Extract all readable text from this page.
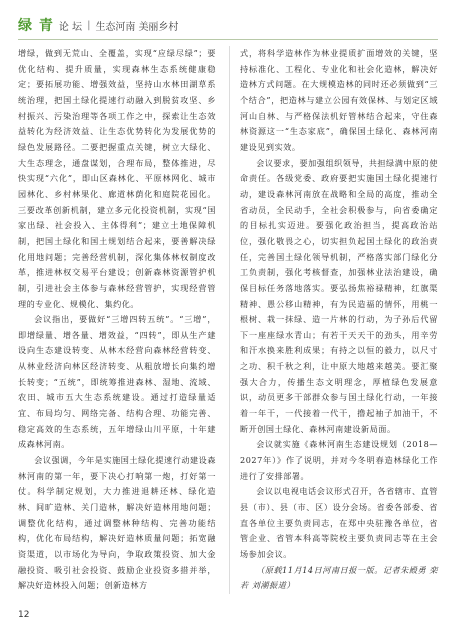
绿 青 论 坛 | 生态河南 美丽乡村

增绿，做到无荒山、全覆盖，实现“应绿尽绿”；要优化结构、提升质量，实现森林生态系统健康稳定；要拓展功能、增强效益，坚持山水林田湖草系统治理，把国土绿化提速行动融入到脱贫攻坚、乡村振兴、污染治理等各项工作之中，探索让生态效益转化为经济效益、让生态优势转化为发展优势的绿色发展路径。二要把握重点关键，树立大绿化、大生态理念，通盘谋划，合理布局，整体推进，尽快实现“六化”，即山区森林化、平原林网化、城市园林化、乡村林果化、廊道林荫化和庭院花园化。三要改革创新机制，建立多元化投资机制，实现“国家出绿、社会投入、主体得利”；建立土地保障机制，把国土绿化和国土规划结合起来，要善解决绿化用地问题；完善经营机制，深化集体林权制度改革，推进林权交易平台建设；创新森林资源管护机制，引进社会主体参与森林经营管护，实现经营管理的专业化、规模化、集约化。

会议指出，要做好“三增四转五统”。“三增”，即增绿量、增各量、增效益，“四转”，即从生产建设向生态建设转变、从林木经营向森林经营转变、从林业经济向林区经济转变、从粗放增长向集约增长转变；“五统”，即统筹推进森林、湿地、流域、农田、城市五大生态系统建设。通过打造绿量适宜、布局均匀、网络完备、结构合理、功能完善、稳定高效的生态系统，五年增绿山川平原，十年建成森林河南。

会议强调，今年是实施国土绿化提速行动建设森林河南的第一年，要下决心打响第一炮，打好第一仗。科学制定规划，大力推进退耕还林、绿化造林、间旷造林、关门造林，解决好造林用地问题；调整优化结构，通过调整林种结构、完善功能结构，优化布局结构，解决好造林质量问题；拓宽融资渠道，以市场化为导向，争取政策投资、加大金融投资、吸引社会投资、鼓励企业投资多措并举，解决好造林投入问题；创新造林方

式，将科学造林作为林业提质扩面增效的关键，坚持标准化、工程化、专业化和社会化造林，解决好造林方式问题。在大规模造林的同时还必须做到“三个结合”，把造林与建立公园有效保林、与划定区域河山自林、与严格保法机好管林结合起来，守住森林资源这一“生态家底”，确保国土绿化、森林河南建设见到实效。

会议要求，要加强组织领导，共担绿满中原的使命责任。各级党委、政府要把实施国土绿化提速行动，建设森林河南放在战略和全局的高度，推动全省动员，全民动手，全社会积极参与，向省委确定的目标扎实迈进。要强化政治担当，提高政治站位，强化敬畏之心，切实担负起国土绿化的政治责任，完善国土绿化领导机制，严格落实部门绿化分工负责制，强化考核督查，加强林业法治建设，确保目标任务落地落实。要弘扬焦裕禄精神，红旗渠精神、愚公移山精神，有为民造福的情怀，用桃一根树、栽一抹绿、造一片林的行动，为子孙后代留下一座座绿水青山；有若干天天干的劲头，用辛劳和汗水换来胜利成果；有持之以恒的毅力，以尺寸之功、积千秋之利，让中原大地越来越美。要汇聚强大合力，传播生态文明理念，厚植绿色发展意识，动员更多干部群众参与国土绿化行动，一年接着一年干，一代接着一代干，撸起袖子加油干，不断开创国土绿化、森林河南建设新局面。

会议就实施《森林河南生态建设规划（2018—2027年）》作了说明，并对今冬明春造林绿化工作进行了安排部署。

会议以电视电话会议形式召开，各省辖市、直管县（市）、县（市、区）设分会场。省委各部委、省直各单位主要负责同志，在郑中央驻豫各单位，省管企业、省管本科高等院校主要负责同志等在主会场参加会议。

（原载11月14日河南日报一版。记者朱殿勇 栾若 刘潮振道）

12
